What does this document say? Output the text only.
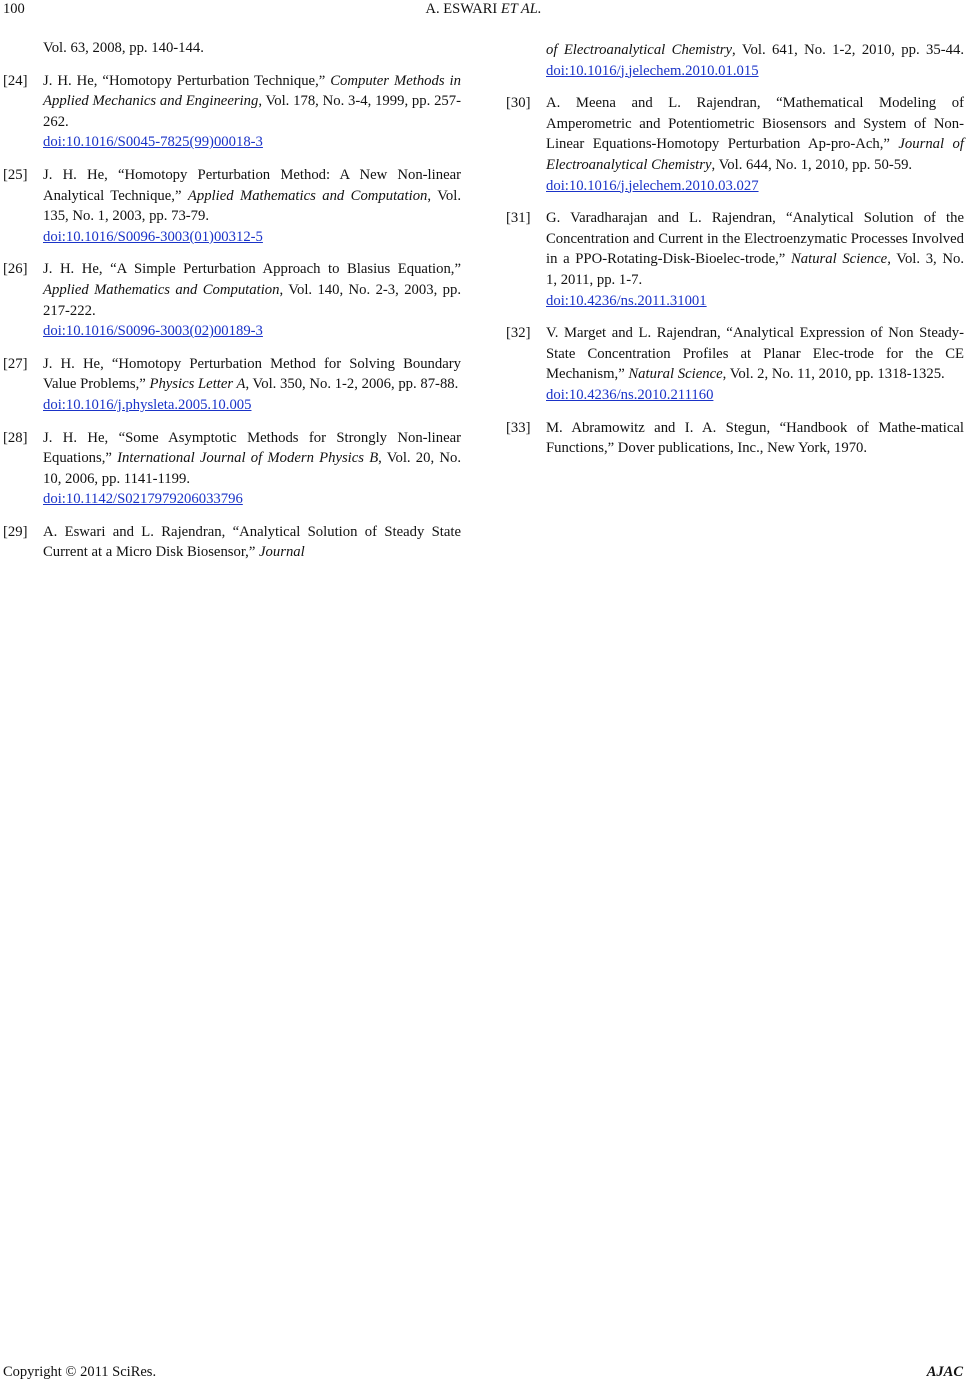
100	A. ESWARI ET AL.
Vol. 63, 2008, pp. 140-144.
[24] J. H. He, “Homotopy Perturbation Technique,” Computer Methods in Applied Mechanics and Engineering, Vol. 178, No. 3-4, 1999, pp. 257-262.
doi:10.1016/S0045-7825(99)00018-3
[25] J. H. He, “Homotopy Perturbation Method: A New Non-linear Analytical Technique,” Applied Mathematics and Computation, Vol. 135, No. 1, 2003, pp. 73-79.
doi:10.1016/S0096-3003(01)00312-5
[26] J. H. He, “A Simple Perturbation Approach to Blasius Equation,” Applied Mathematics and Computation, Vol. 140, No. 2-3, 2003, pp. 217-222.
doi:10.1016/S0096-3003(02)00189-3
[27] J. H. He, “Homotopy Perturbation Method for Solving Boundary Value Problems,” Physics Letter A, Vol. 350, No. 1-2, 2006, pp. 87-88.
doi:10.1016/j.physleta.2005.10.005
[28] J. H. He, “Some Asymptotic Methods for Strongly Non-linear Equations,” International Journal of Modern Physics B, Vol. 20, No. 10, 2006, pp. 1141-1199.
doi:10.1142/S0217979206033796
[29] A. Eswari and L. Rajendran, “Analytical Solution of Steady State Current at a Micro Disk Biosensor,” Journal
of Electroanalytical Chemistry, Vol. 641, No. 1-2, 2010, pp. 35-44. doi:10.1016/j.jelechem.2010.01.015
[30] A. Meena and L. Rajendran, “Mathematical Modeling of Amperometric and Potentiometric Biosensors and System of Non-Linear Equations-Homotopy Perturbation Ap-pro-Ach,” Journal of Electroanalytical Chemistry, Vol. 644, No. 1, 2010, pp. 50-59.
doi:10.1016/j.jelechem.2010.03.027
[31] G. Varadharajan and L. Rajendran, “Analytical Solution of the Concentration and Current in the Electroenzymatic Processes Involved in a PPO-Rotating-Disk-Bioelec-trode,” Natural Science, Vol. 3, No. 1, 2011, pp. 1-7.
doi:10.4236/ns.2011.31001
[32] V. Marget and L. Rajendran, “Analytical Expression of Non Steady-State Concentration Profiles at Planar Elec-trode for the CE Mechanism,” Natural Science, Vol. 2, No. 11, 2010, pp. 1318-1325.
doi:10.4236/ns.2010.211160
[33] M. Abramowitz and I. A. Stegun, “Handbook of Mathe-matical Functions,” Dover publications, Inc., New York, 1970.
Copyright © 2011 SciRes.	AJAC
